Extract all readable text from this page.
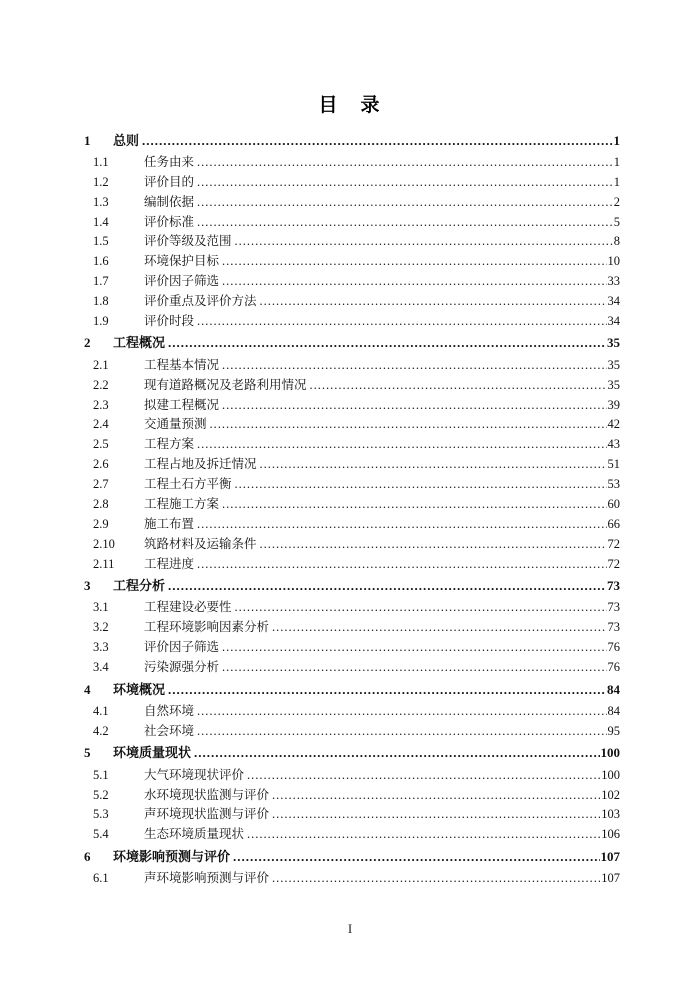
目　录
1	总则 .....	1
1.1	任务由来 .....	1
1.2	评价目的 .....	1
1.3	编制依据 .....	2
1.4	评价标准 .....	5
1.5	评价等级及范围 .....	8
1.6	环境保护目标 .....	10
1.7	评价因子筛选 .....	33
1.8	评价重点及评价方法 .....	34
1.9	评价时段 .....	34
2	工程概况 .....	35
2.1	工程基本情况 .....	35
2.2	现有道路概况及老路利用情况 .....	35
2.3	拟建工程概况 .....	39
2.4	交通量预测 .....	42
2.5	工程方案 .....	43
2.6	工程占地及拆迁情况 .....	51
2.7	工程土石方平衡 .....	53
2.8	工程施工方案 .....	60
2.9	施工布置 .....	66
2.10	筑路材料及运输条件 .....	72
2.11	工程进度 .....	72
3	工程分析 .....	73
3.1	工程建设必要性 .....	73
3.2	工程环境影响因素分析 .....	73
3.3	评价因子筛选 .....	76
3.4	污染源强分析 .....	76
4	环境概况 .....	84
4.1	自然环境 .....	84
4.2	社会环境 .....	95
5	环境质量现状 .....	100
5.1	大气环境现状评价 .....	100
5.2	水环境现状监测与评价 .....	102
5.3	声环境现状监测与评价 .....	103
5.4	生态环境质量现状 .....	106
6	环境影响预测与评价 .....	107
6.1	声环境影响预测与评价 .....	107
I
